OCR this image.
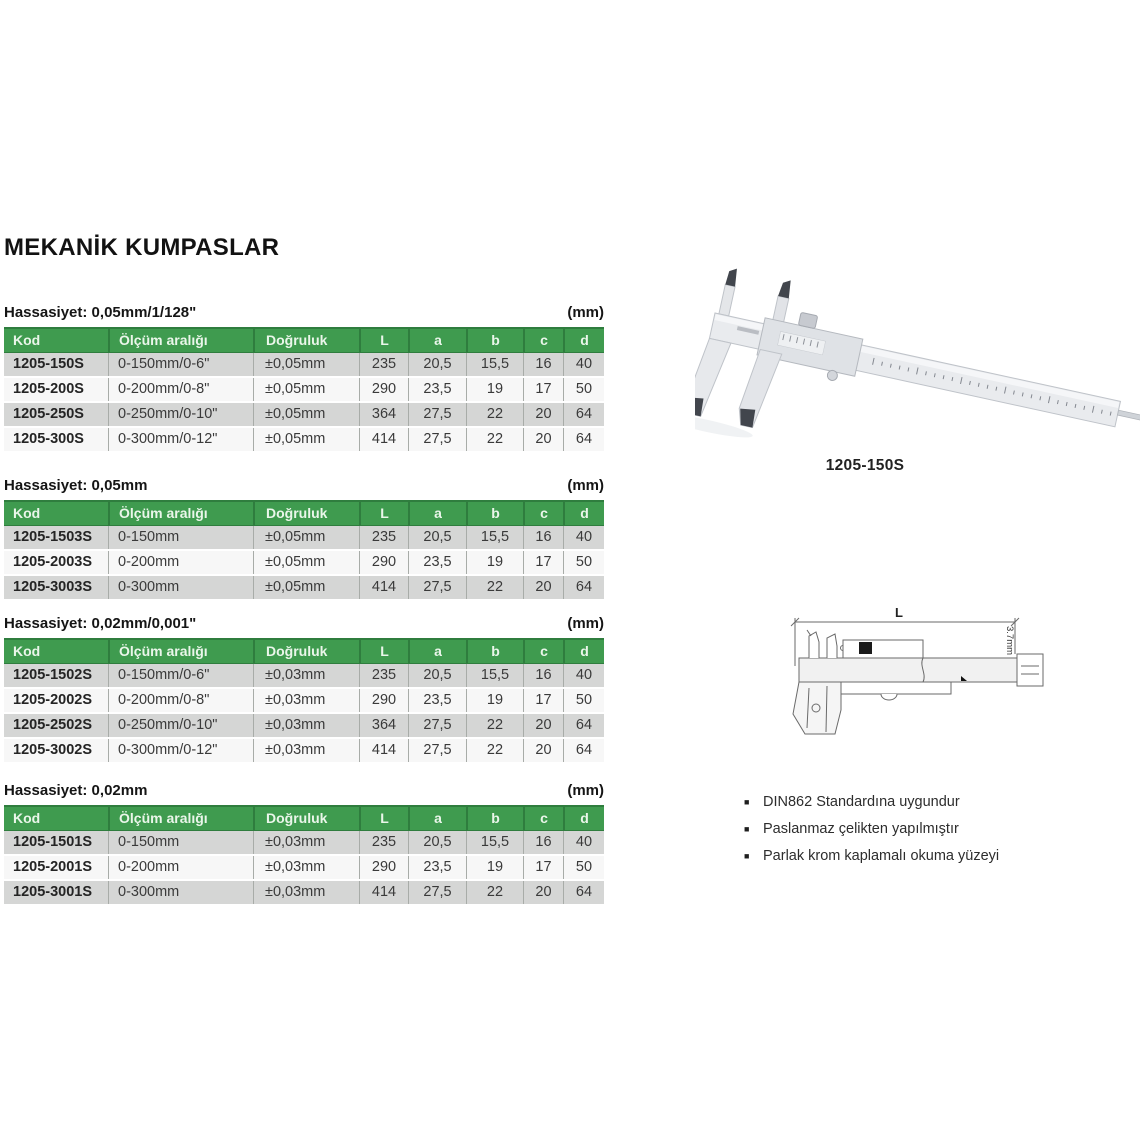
MEKANİK KUMPASLAR
Hassasiyet: 0,05mm/1/128"	(mm)
Kod	Ölçüm aralığı	Doğruluk	L	a	b	c	d
1205-150S	0-150mm/0-6"	±0,05mm	235	20,5	15,5	16	40
1205-200S	0-200mm/0-8"	±0,05mm	290	23,5	19	17	50
1205-250S	0-250mm/0-10"	±0,05mm	364	27,5	22	20	64
1205-300S	0-300mm/0-12"	±0,05mm	414	27,5	22	20	64
Hassasiyet: 0,05mm	(mm)
Kod	Ölçüm aralığı	Doğruluk	L	a	b	c	d
1205-1503S	0-150mm	±0,05mm	235	20,5	15,5	16	40
1205-2003S	0-200mm	±0,05mm	290	23,5	19	17	50
1205-3003S	0-300mm	±0,05mm	414	27,5	22	20	64
Hassasiyet: 0,02mm/0,001"	(mm)
Kod	Ölçüm aralığı	Doğruluk	L	a	b	c	d
1205-1502S	0-150mm/0-6"	±0,03mm	235	20,5	15,5	16	40
1205-2002S	0-200mm/0-8"	±0,03mm	290	23,5	19	17	50
1205-2502S	0-250mm/0-10"	±0,03mm	364	27,5	22	20	64
1205-3002S	0-300mm/0-12"	±0,03mm	414	27,5	22	20	64
Hassasiyet: 0,02mm	(mm)
Kod	Ölçüm aralığı	Doğruluk	L	a	b	c	d
1205-1501S	0-150mm	±0,03mm	235	20,5	15,5	16	40
1205-2001S	0-200mm	±0,03mm	290	23,5	19	17	50
1205-3001S	0-300mm	±0,03mm	414	27,5	22	20	64
1205-150S
L
3.7mm
■ DIN862 Standardına uygundur
■ Paslanmaz çelikten yapılmıştır
■ Parlak krom kaplamalı okuma yüzeyi
